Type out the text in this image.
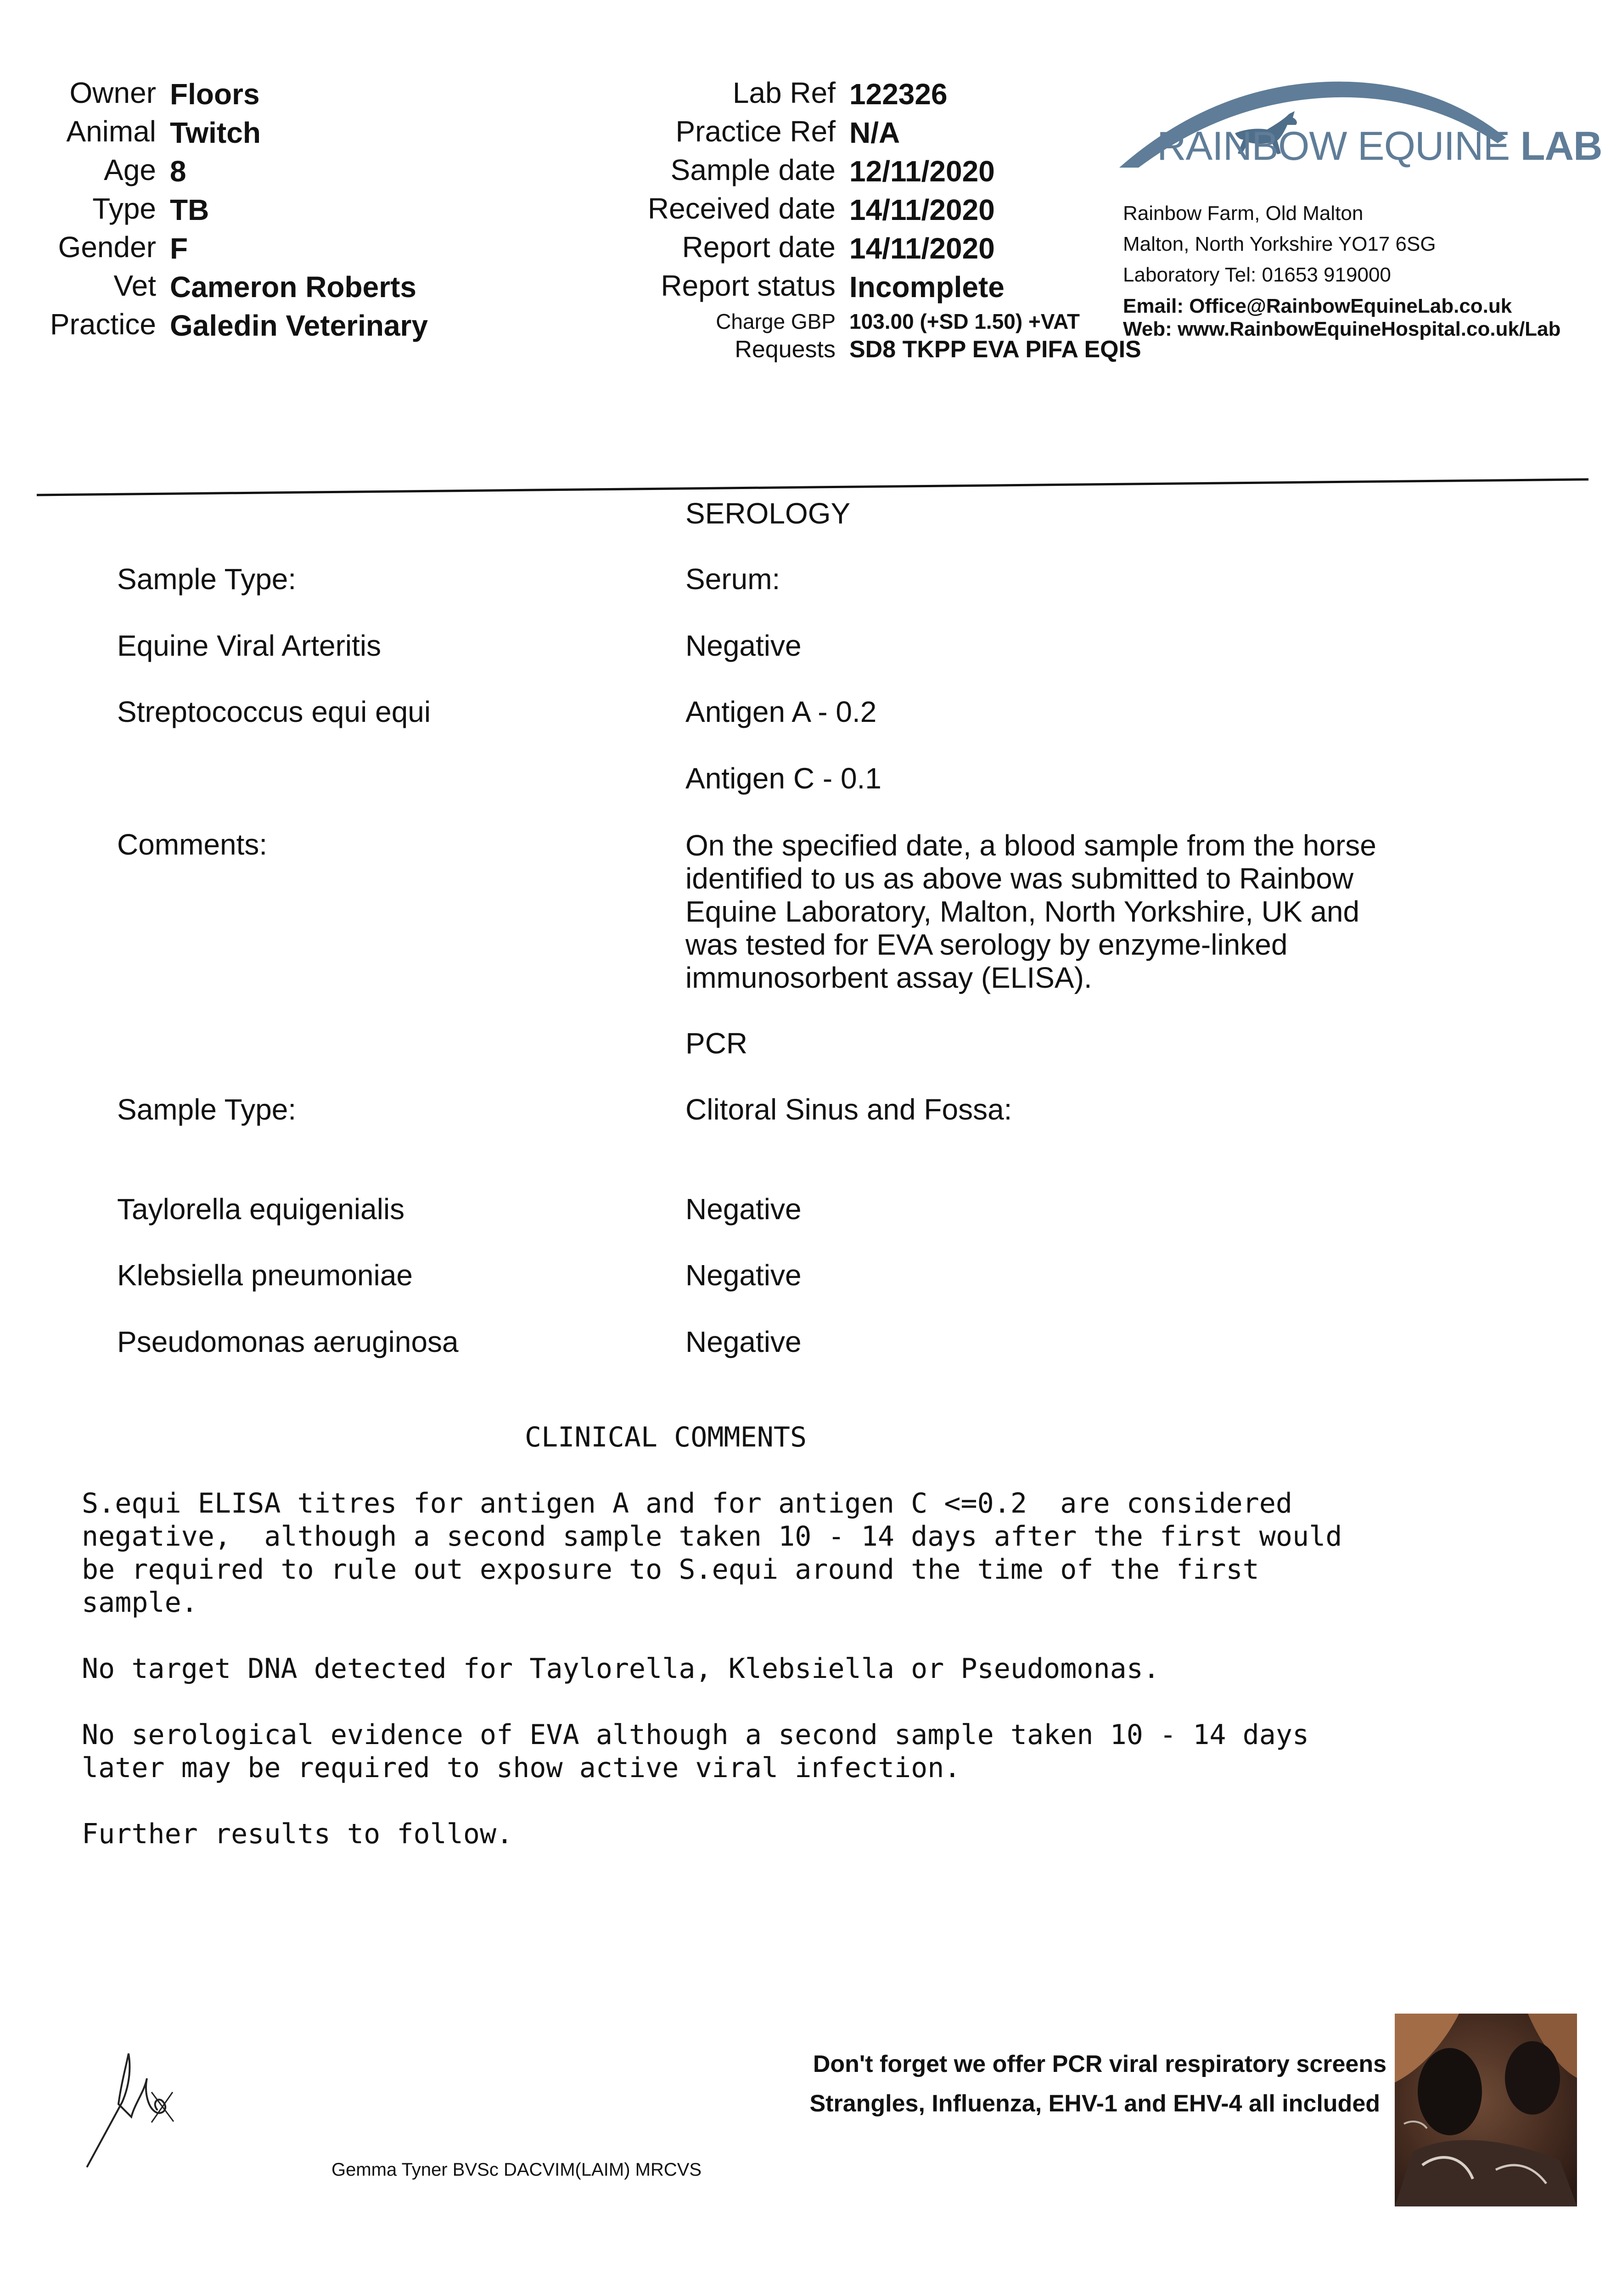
Owner Floors
Animal Twitch
Age 8
Type TB
Gender F
Vet Cameron Roberts
Practice Galedin Veterinary
Lab Ref 122326
Practice Ref N/A
Sample date 12/11/2020
Received date 14/11/2020
Report date 14/11/2020
Report status Incomplete
Charge GBP 103.00 (+SD 1.50) +VAT
Requests SD8 TKPP EVA PIFA EQIS
RAINBOW EQUINE LAB
Rainbow Farm, Old Malton
Malton, North Yorkshire YO17 6SG
Laboratory Tel: 01653 919000
Email: Office@RainbowEquineLab.co.uk
Web: www.RainbowEquineHospital.co.uk/Lab
SEROLOGY
Sample Type:	Serum:
Equine Viral Arteritis	Negative
Streptococcus equi equi	Antigen A - 0.2
Antigen C - 0.1
Comments:	On the specified date, a blood sample from the horse identified to us as above was submitted to Rainbow Equine Laboratory, Malton, North Yorkshire, UK and was tested for EVA serology by enzyme-linked immunosorbent assay (ELISA).
PCR
Sample Type:	Clitoral Sinus and Fossa:
Taylorella equigenialis	Negative
Klebsiella pneumoniae	Negative
Pseudomonas aeruginosa	Negative
CLINICAL COMMENTS
S.equi ELISA titres for antigen A and for antigen C <=0.2  are considered
negative,  although a second sample taken 10 - 14 days after the first would
be required to rule out exposure to S.equi around the time of the first
sample.
No target DNA detected for Taylorella, Klebsiella or Pseudomonas.
No serological evidence of EVA although a second sample taken 10 - 14 days
later may be required to show active viral infection.
Further results to follow.
Gemma Tyner BVSc DACVIM(LAIM) MRCVS
Don't forget we offer PCR viral respiratory screens
Strangles, Influenza, EHV-1 and EHV-4 all included
